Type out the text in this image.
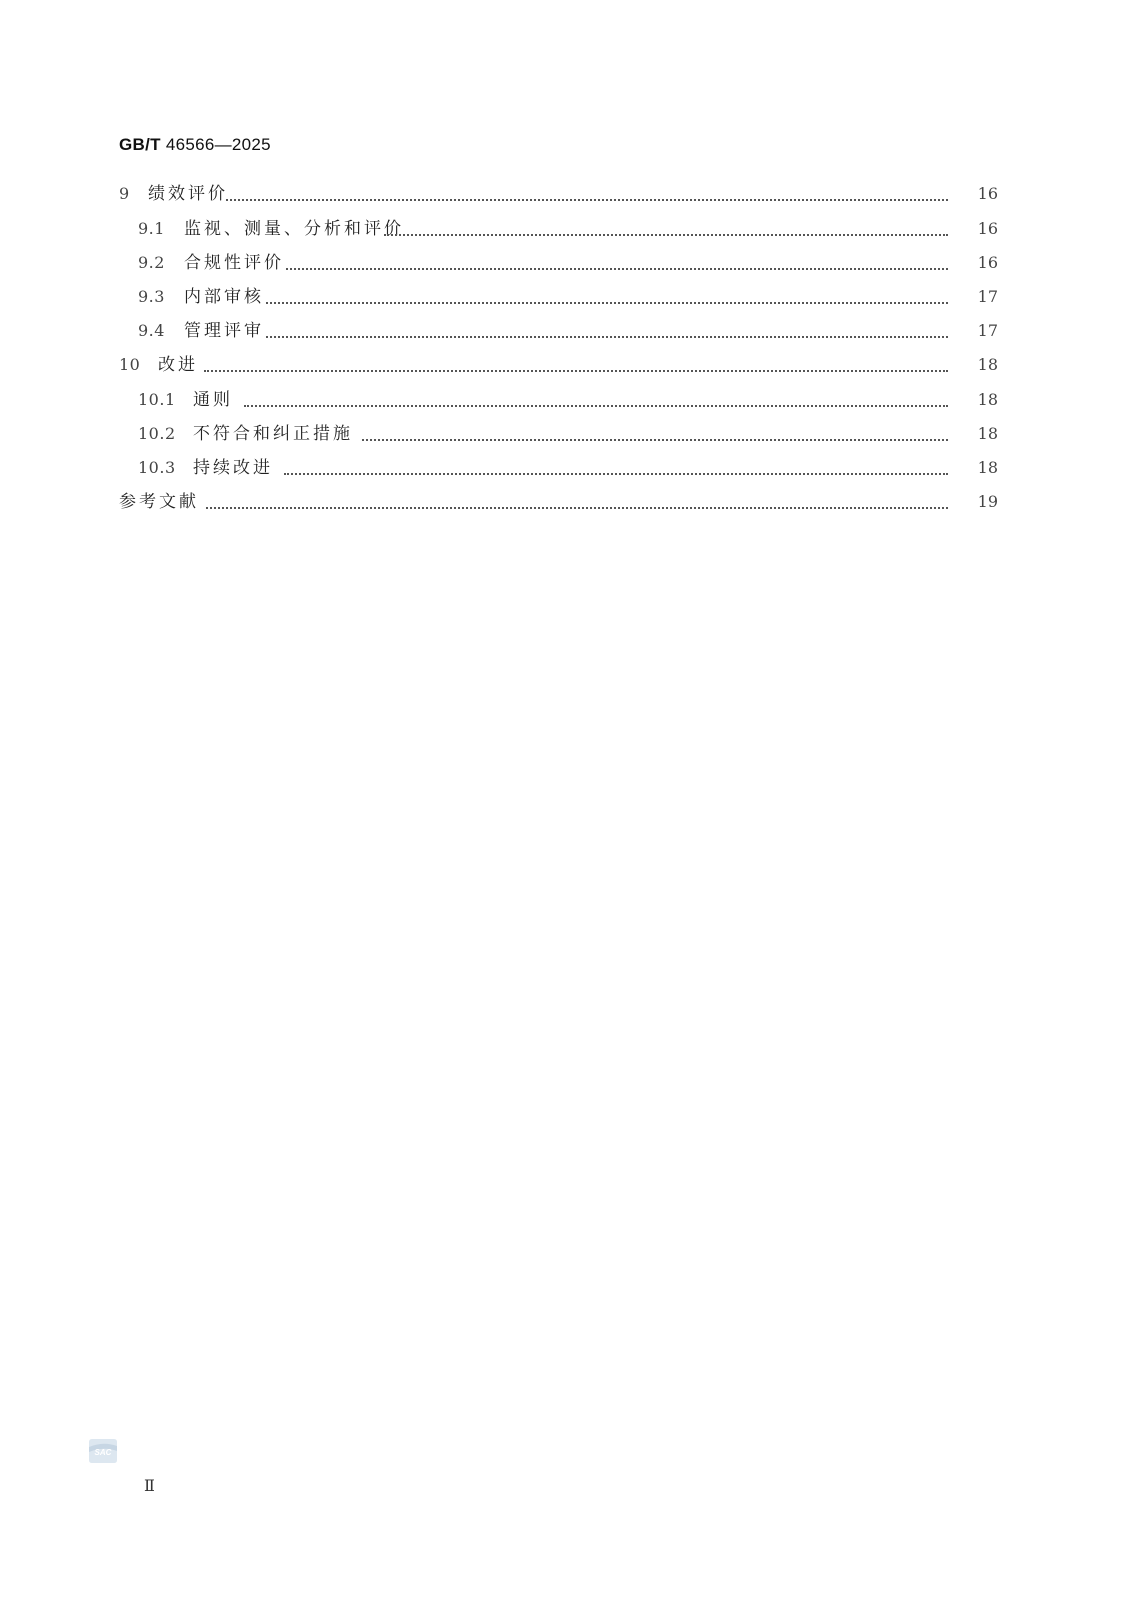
GB/T 46566—2025
9 绩效评价	16
9.1 监视、测量、分析和评价	16
9.2 合规性评价	16
9.3 内部审核	17
9.4 管理评审	17
10 改进	18
10.1 通则	18
10.2 不符合和纠正措施	18
10.3 持续改进	18
参考文献	19
SAC
Ⅱ
